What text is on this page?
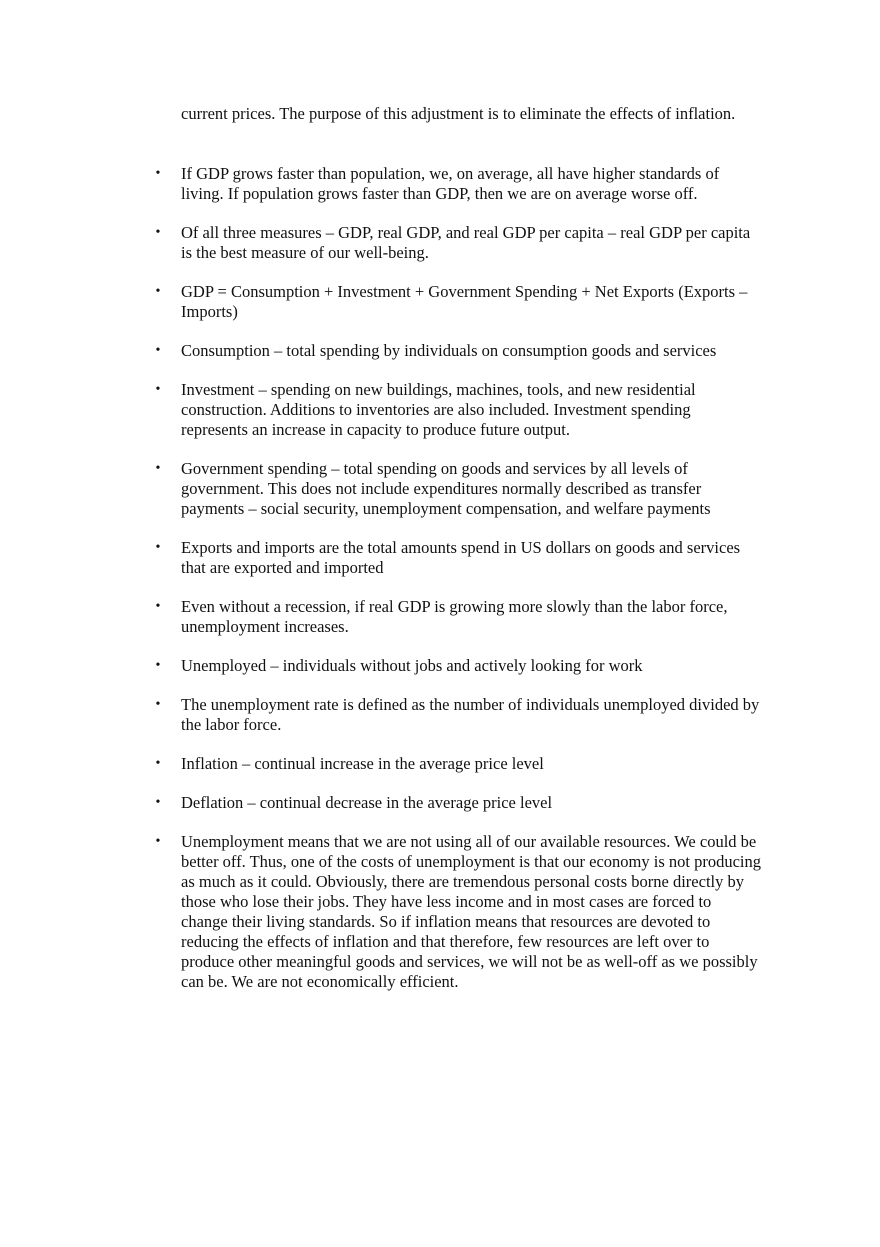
current prices. The purpose of this adjustment is to eliminate the effects of inflation.

• If GDP grows faster than population, we, on average, all have higher standards of living. If population grows faster than GDP, then we are on average worse off.
• Of all three measures – GDP, real GDP, and real GDP per capita – real GDP per capita is the best measure of our well-being.
• GDP = Consumption + Investment + Government Spending + Net Exports (Exports – Imports)
• Consumption – total spending by individuals on consumption goods and services
• Investment – spending on new buildings, machines, tools, and new residential construction. Additions to inventories are also included. Investment spending represents an increase in capacity to produce future output.
• Government spending – total spending on goods and services by all levels of government. This does not include expenditures normally described as transfer payments – social security, unemployment compensation, and welfare payments
• Exports and imports are the total amounts spend in US dollars on goods and services that are exported and imported
• Even without a recession, if real GDP is growing more slowly than the labor force, unemployment increases.
• Unemployed – individuals without jobs and actively looking for work
• The unemployment rate is defined as the number of individuals unemployed divided by the labor force.
• Inflation – continual increase in the average price level
• Deflation – continual decrease in the average price level
• Unemployment means that we are not using all of our available resources. We could be better off. Thus, one of the costs of unemployment is that our economy is not producing as much as it could. Obviously, there are tremendous personal costs borne directly by those who lose their jobs. They have less income and in most cases are forced to change their living standards. So if inflation means that resources are devoted to reducing the effects of inflation and that therefore, few resources are left over to produce other meaningful goods and services, we will not be as well-off as we possibly can be. We are not economically efficient.
